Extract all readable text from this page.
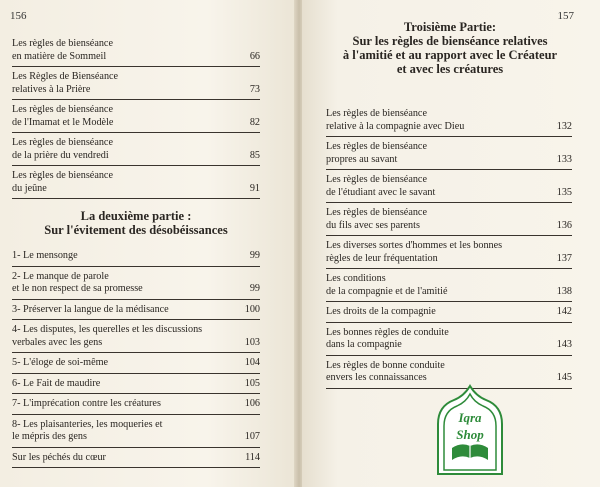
156
Les règles de bienséance
en matière de Sommeil	66
Les Règles de Bienséance
relatives à la Prière	73
Les règles de bienséance
de l'Imamat et le Modèle	82
Les règles de bienséance
de la prière du vendredi	85
Les règles de bienséance
du jeûne	91
La deuxième partie :
Sur l'évitement des désobéissances
1- Le mensonge	99
2- Le manque de parole
et le non respect de sa promesse	99
3- Préserver la langue de la médisance	100
4- Les disputes, les querelles et les discussions
verbales avec les gens	103
5- L'éloge de soi-même	104
6- Le Fait de maudire	105
7- L'imprécation contre les créatures	106
8- Les plaisanteries, les moqueries et
le mépris des gens	107
Sur les péchés du cœur	114
157
Troisième Partie:
Sur les règles de bienséance relatives
à l'amitié et au rapport avec le Créateur
et avec les créatures
Les règles de bienséance
relative à la compagnie avec Dieu	132
Les règles de bienséance
propres au savant	133
Les règles de bienséance
de l'étudiant avec le savant	135
Les règles de bienséance
du fils avec ses parents	136
Les diverses sortes d'hommes et les bonnes
règles de leur fréquentation	137
Les conditions
de la compagnie et de l'amitié	138
Les droits de la compagnie	142
Les bonnes règles de conduite
dans la compagnie	143
Les règles de bonne conduite
envers les connaissances	145
Iqra
Shop
